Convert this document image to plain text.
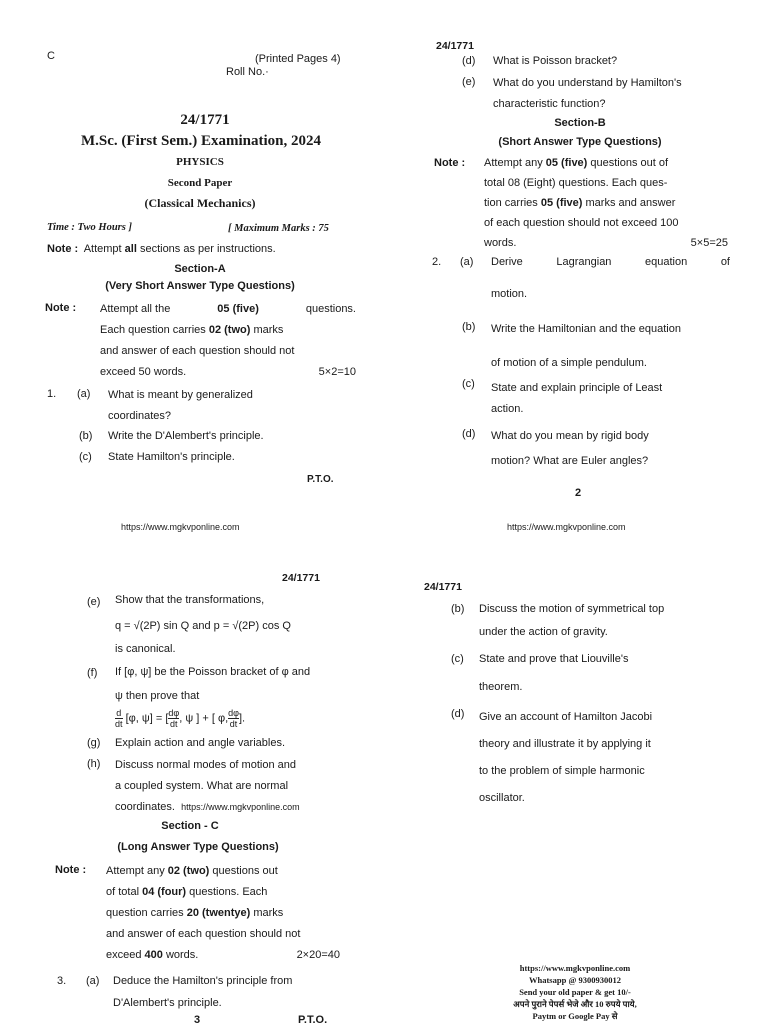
C	(Printed Pages 4)
Roll No.·
24/1771
M.Sc. (First Sem.) Examination, 2024
PHYSICS
Second Paper
(Classical Mechanics)
Time : Two Hours ]	[ Maximum Marks : 75
Note : Attempt all sections as per instructions.
Section-A
(Very Short Answer Type Questions)
Note : Attempt all the	05 (five)	questions.
Each question carries 02 (two) marks
and answer of each question should not
exceed 50 words.	5×2=10
1. (a) What is meant by generalized
coordinates?
(b) Write the D'Alembert's principle.
(c) State Hamilton's principle.
P.T.O.
https://www.mgkvponline.com
24/1771
(d) What is Poisson bracket?
(e) What do you understand by Hamilton's
characteristic function?
Section-B
(Short Answer Type Questions)
Note : Attempt any 05 (five) questions out of
total 08 (Eight) questions. Each ques-
tion carries 05 (five) marks and answer
of each question should not exceed 100
words.	5×5=25
2. (a) Derive	Lagrangian	equation	of
motion.
(b) Write the Hamiltonian and the equation
of motion of a simple pendulum.
(c) State and explain principle of Least
action.
(d) What do you mean by rigid body
motion? What are Euler angles?
2
https://www.mgkvponline.com
24/1771
(e) Show that the transformations,
q = √(2P) sin Q and p = √(2P) cos Q
is canonical.
(f) If [φ, ψ] be the Poisson bracket of φ and
ψ then prove that
$\frac{d}{dt} [\varphi$, ψ] = [ $\frac{d\varphi}{dt}$ , ψ ] + [ φ, $\frac{d\varphi}{dt}$ ].
(g) Explain action and angle variables.
(h) Discuss normal modes of motion and
a coupled system. What are normal
coordinates. https://www.mgkvponline.com
Section - C
(Long Answer Type Questions)
Note : Attempt any 02 (two) questions out
of total 04 (four) questions. Each
question carries 20 (twentye) marks
and answer of each question should not
exceed 400 words.	2×20=40
3. (a) Deduce the Hamilton's principle from
D'Alembert's principle.
3	P.T.O.
24/1771
(b) Discuss the motion of symmetrical top
under the action of gravity.
(c) State and prove that Liouville's
theorem.
(d) Give an account of Hamilton Jacobi
theory and illustrate it by applying it
to the problem of simple harmonic
oscillator.
https://www.mgkvponline.com
Whatsapp @ 9300930012
Send your old paper & get 10/-
अपने पुराने पेपर्स भेजे और 10 रुपये पाये,
Paytm or Google Pay से
